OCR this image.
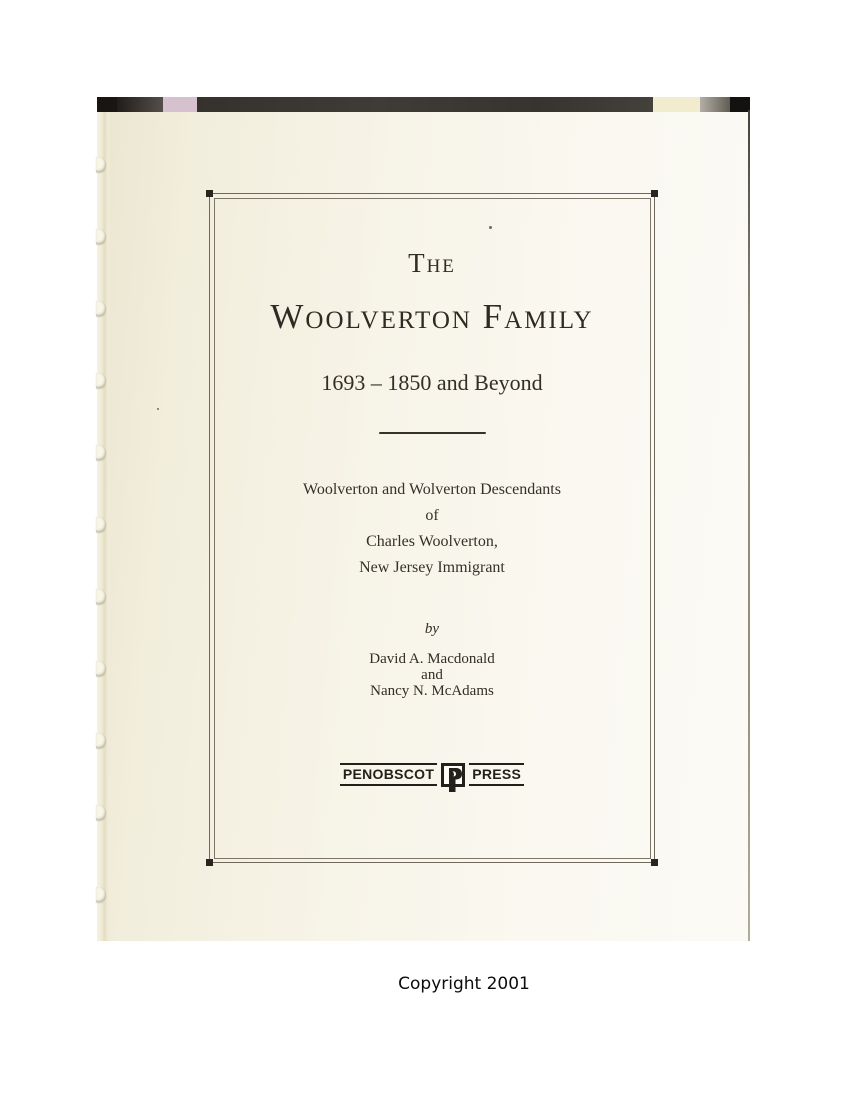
The
Woolverton Family
1693 – 1850 and Beyond
Woolverton and Wolverton Descendants
of
Charles Woolverton,
New Jersey Immigrant
by
David A. Macdonald
and
Nancy N. McAdams
PENOBSCOT	PRESS
Copyright 2001
